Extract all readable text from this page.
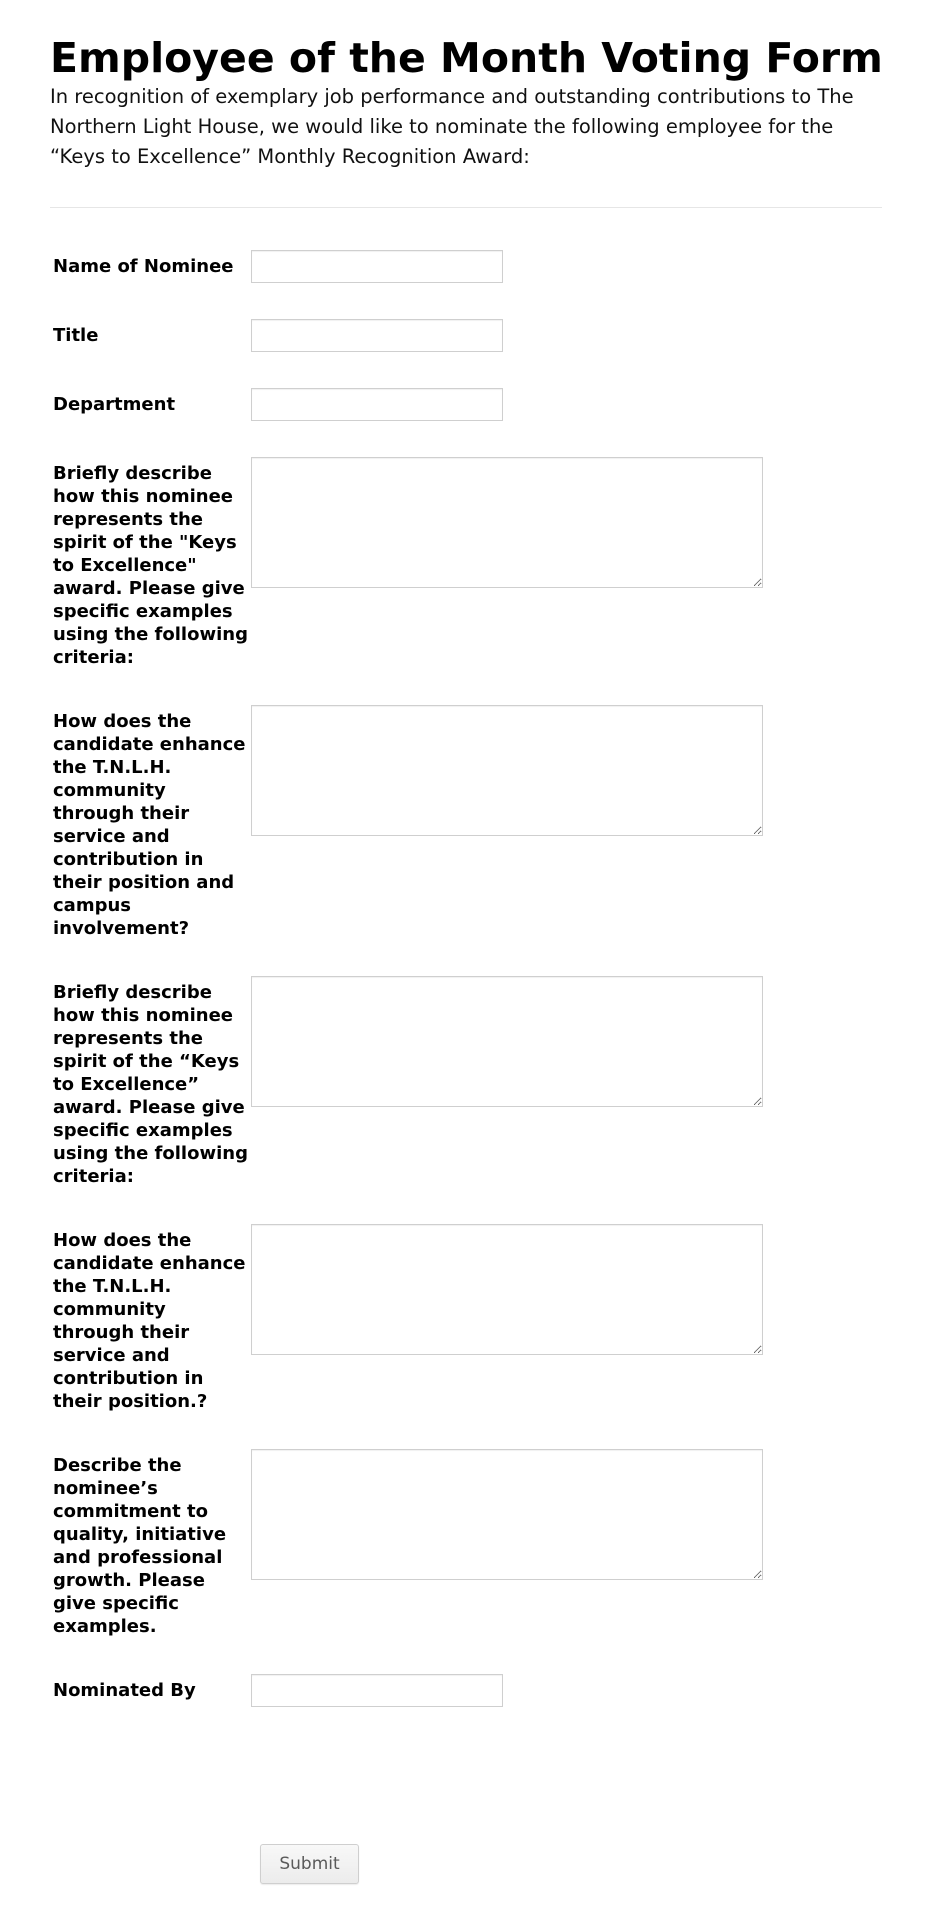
Employee of the Month Voting Form

In recognition of exemplary job performance and outstanding contributions to The Northern Light House, we would like to nominate the following employee for the “Keys to Excellence” Monthly Recognition Award:

Name of Nominee
Title
Department
Briefly describe how this nominee represents the spirit of the "Keys to Excellence" award. Please give specific examples using the following criteria:
How does the candidate enhance the T.N.L.H. community through their service and contribution in their position and campus involvement?
Briefly describe how this nominee represents the spirit of the “Keys to Excellence” award. Please give specific examples using the following criteria:
How does the candidate enhance the T.N.L.H. community through their service and contribution in their position.?
Describe the nominee’s commitment to quality, initiative and professional growth. Please give specific examples.
Nominated By
Submit
